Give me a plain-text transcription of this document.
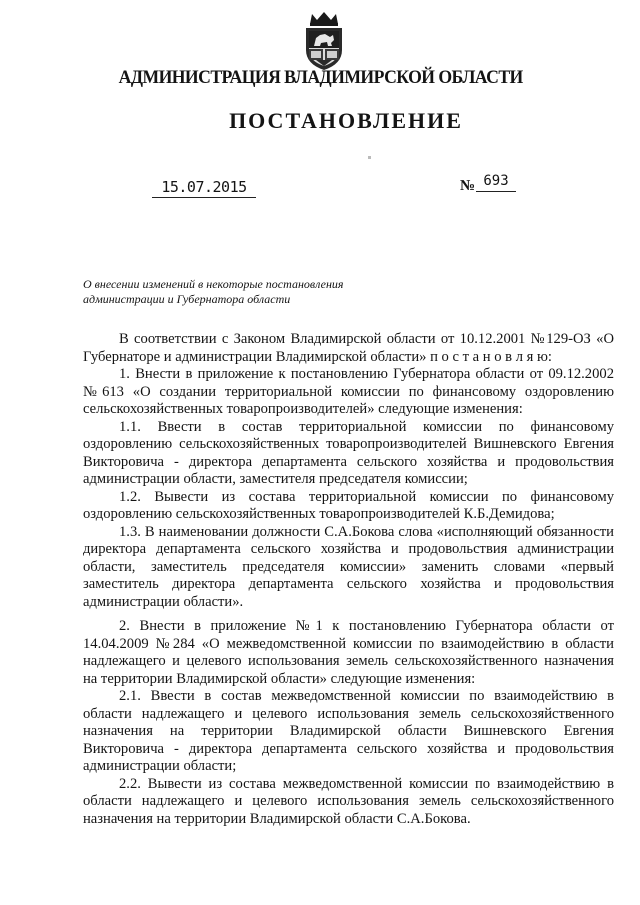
АДМИНИСТРАЦИЯ ВЛАДИМИРСКОЙ ОБЛАСТИ
ПОСТАНОВЛЕНИЕ
15.07.2015	№ 693
О внесении изменений в некоторые постановления
администрации и Губернатора области

В соответствии с Законом Владимирской области от 10.12.2001 №129-ОЗ «О Губернаторе и администрации Владимирской области» п о с т а н о в л я ю:

1. Внести в приложение к постановлению Губернатора области от 09.12.2002 №613 «О создании территориальной комиссии по финансовому оздоровлению сельскохозяйственных товаропроизводителей» следующие изменения:

1.1. Ввести в состав территориальной комиссии по финансовому оздоровлению сельскохозяйственных товаропроизводителей Вишневского Евгения Викторовича - директора департамента сельского хозяйства и продовольствия администрации области, заместителя председателя комиссии;

1.2. Вывести из состава территориальной комиссии по финансовому оздоровлению сельскохозяйственных товаропроизводителей К.Б.Демидова;

1.3. В наименовании должности С.А.Бокова слова «исполняющий обязанности директора департамента сельского хозяйства и продовольствия администрации области, заместитель председателя комиссии» заменить словами «первый заместитель директора департамента сельского хозяйства и продовольствия администрации области».

2. Внести в приложение №1 к постановлению Губернатора области от 14.04.2009 №284 «О межведомственной комиссии по взаимодействию в области надлежащего и целевого использования земель сельскохозяйственного назначения на территории Владимирской области» следующие изменения:

2.1. Ввести в состав межведомственной комиссии по взаимодействию в области надлежащего и целевого использования земель сельскохозяйственного назначения на территории Владимирской области Вишневского Евгения Викторовича - директора департамента сельского хозяйства и продовольствия администрации области;

2.2. Вывести из состава межведомственной комиссии по взаимодействию в области надлежащего и целевого использования земель сельскохозяйственного назначения на территории Владимирской области С.А.Бокова.
